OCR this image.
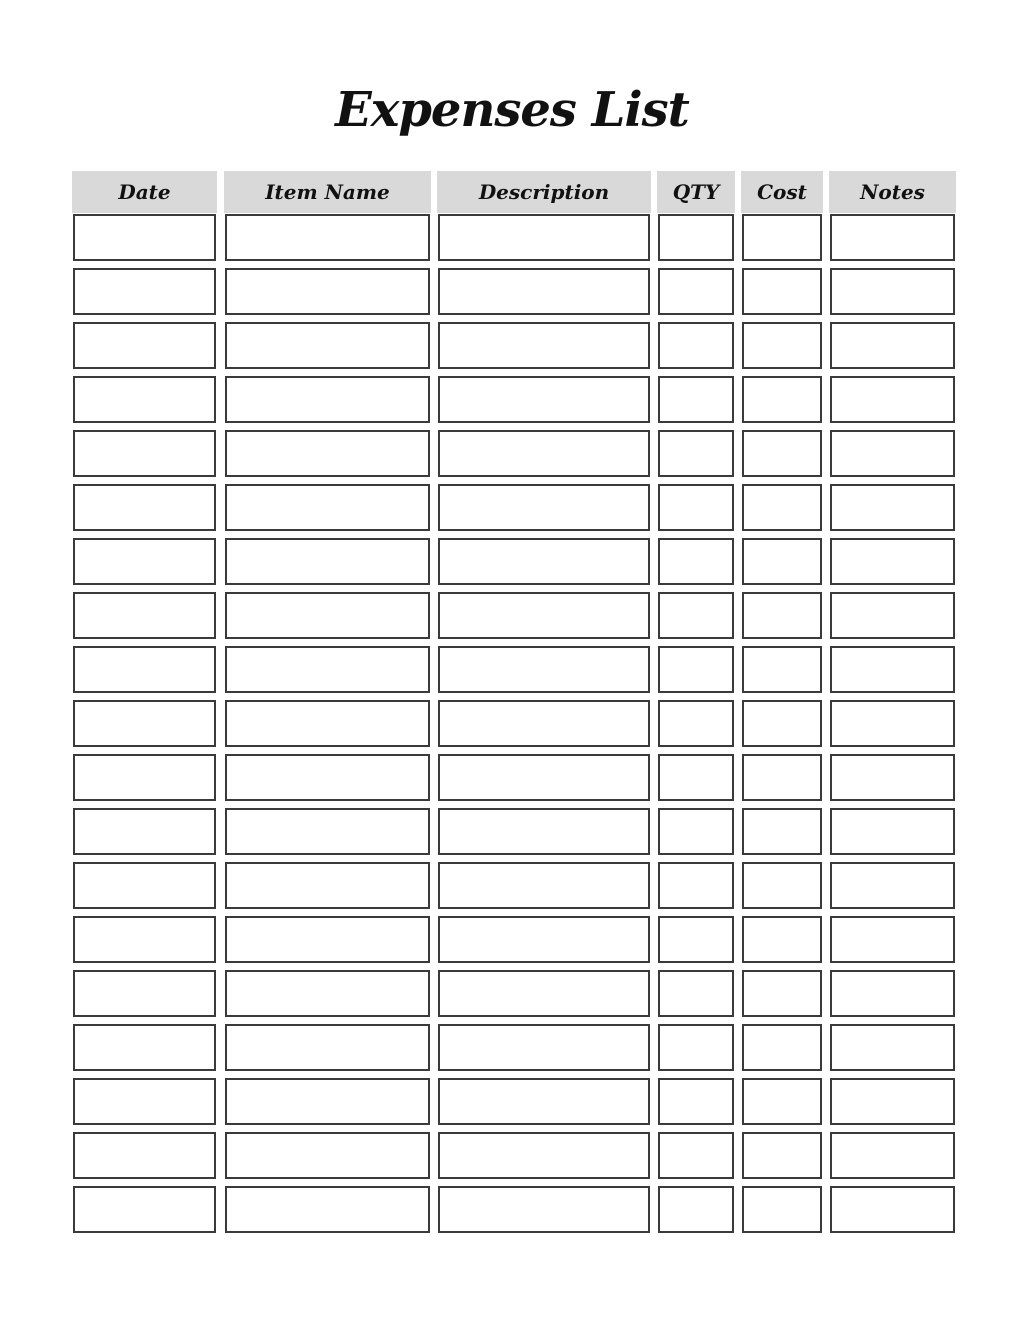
Expenses List
Date	Item Name	Description	QTY	Cost	Notes
